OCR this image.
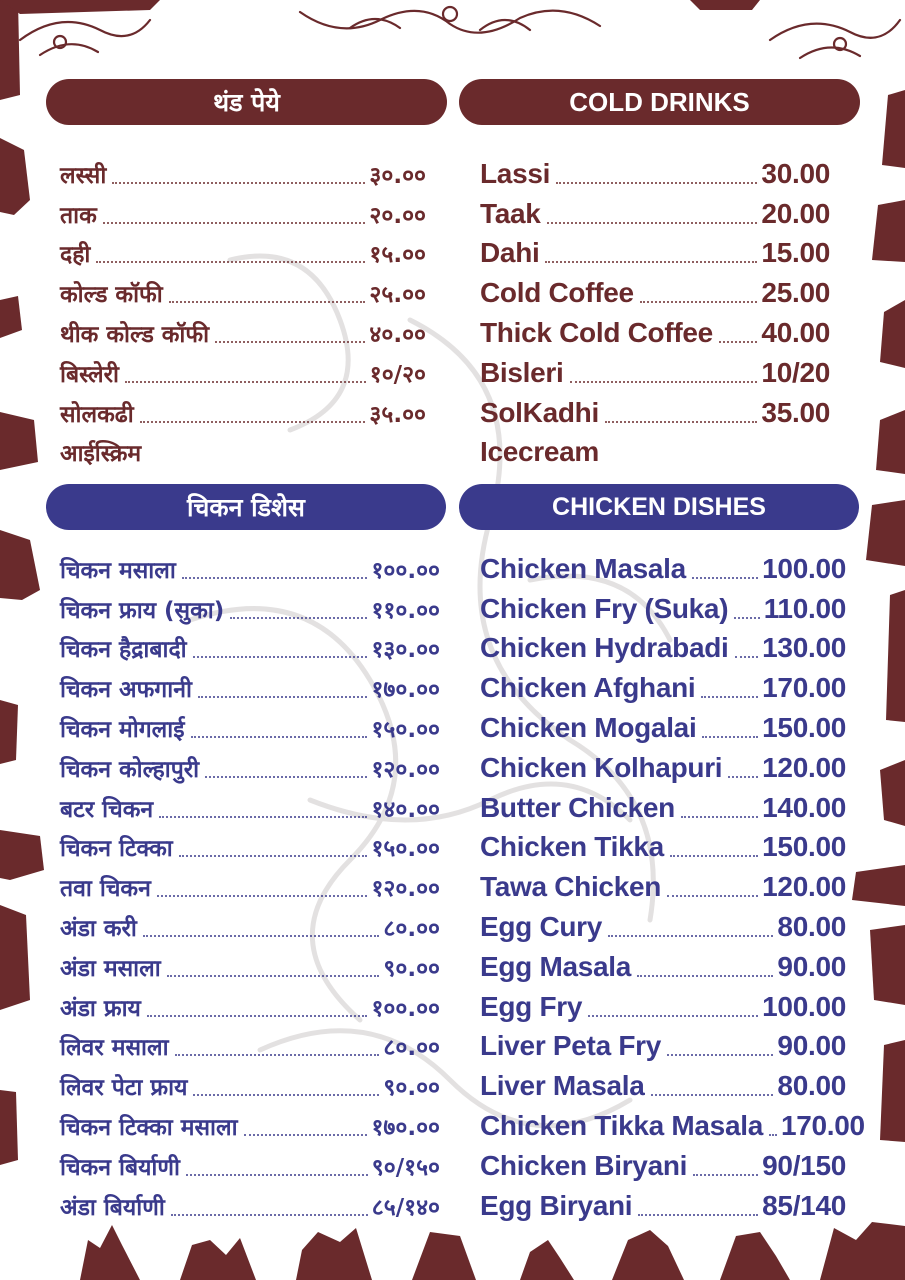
थंड पेये	COLD DRINKS
चिकन डिशेस	CHICKEN DISHES
लस्सी	३०.००
ताक	२०.००
दही	१५.००
कोल्ड कॉफी	२५.००
थीक कोल्ड कॉफी	४०.००
बिस्लेरी	१०/२०
सोलकढी	३५.००
आईस्क्रिम
Lassi	30.00
Taak	20.00
Dahi	15.00
Cold Coffee	25.00
Thick Cold Coffee 40.00
Bisleri	10/20
SolKadhi	35.00
Icecream
चिकन मसाला	१००.००
चिकन फ्राय (सुका)	११०.००
चिकन हैद्राबादी	१३०.००
चिकन अफगानी	१७०.००
चिकन मोगलाई	१५०.००
चिकन कोल्हापुरी	१२०.००
बटर चिकन	१४०.००
चिकन टिक्का	१५०.००
तवा चिकन	१२०.००
अंडा करी	८०.००
अंडा मसाला	९०.००
अंडा फ्राय	१००.००
लिवर मसाला	८०.००
लिवर पेटा फ्राय	९०.००
चिकन टिक्का मसाला	१७०.००
चिकन बिर्याणी	९०/१५०
अंडा बिर्याणी	८५/१४०
Chicken Masala	100.00
Chicken Fry (Suka) 110.00
Chicken Hydrabadi 130.00
Chicken Afghani 170.00
Chicken Mogalai 150.00
Chicken Kolhapuri 120.00
Butter Chicken	140.00
Chicken Tikka	150.00
Tawa Chicken	120.00
Egg Cury	80.00
Egg Masala	90.00
Egg Fry	100.00
Liver Peta Fry	90.00
Liver Masala	80.00
Chicken Tikka Masala 170.00
Chicken Biryani	90/150
Egg Biryani	85/140
